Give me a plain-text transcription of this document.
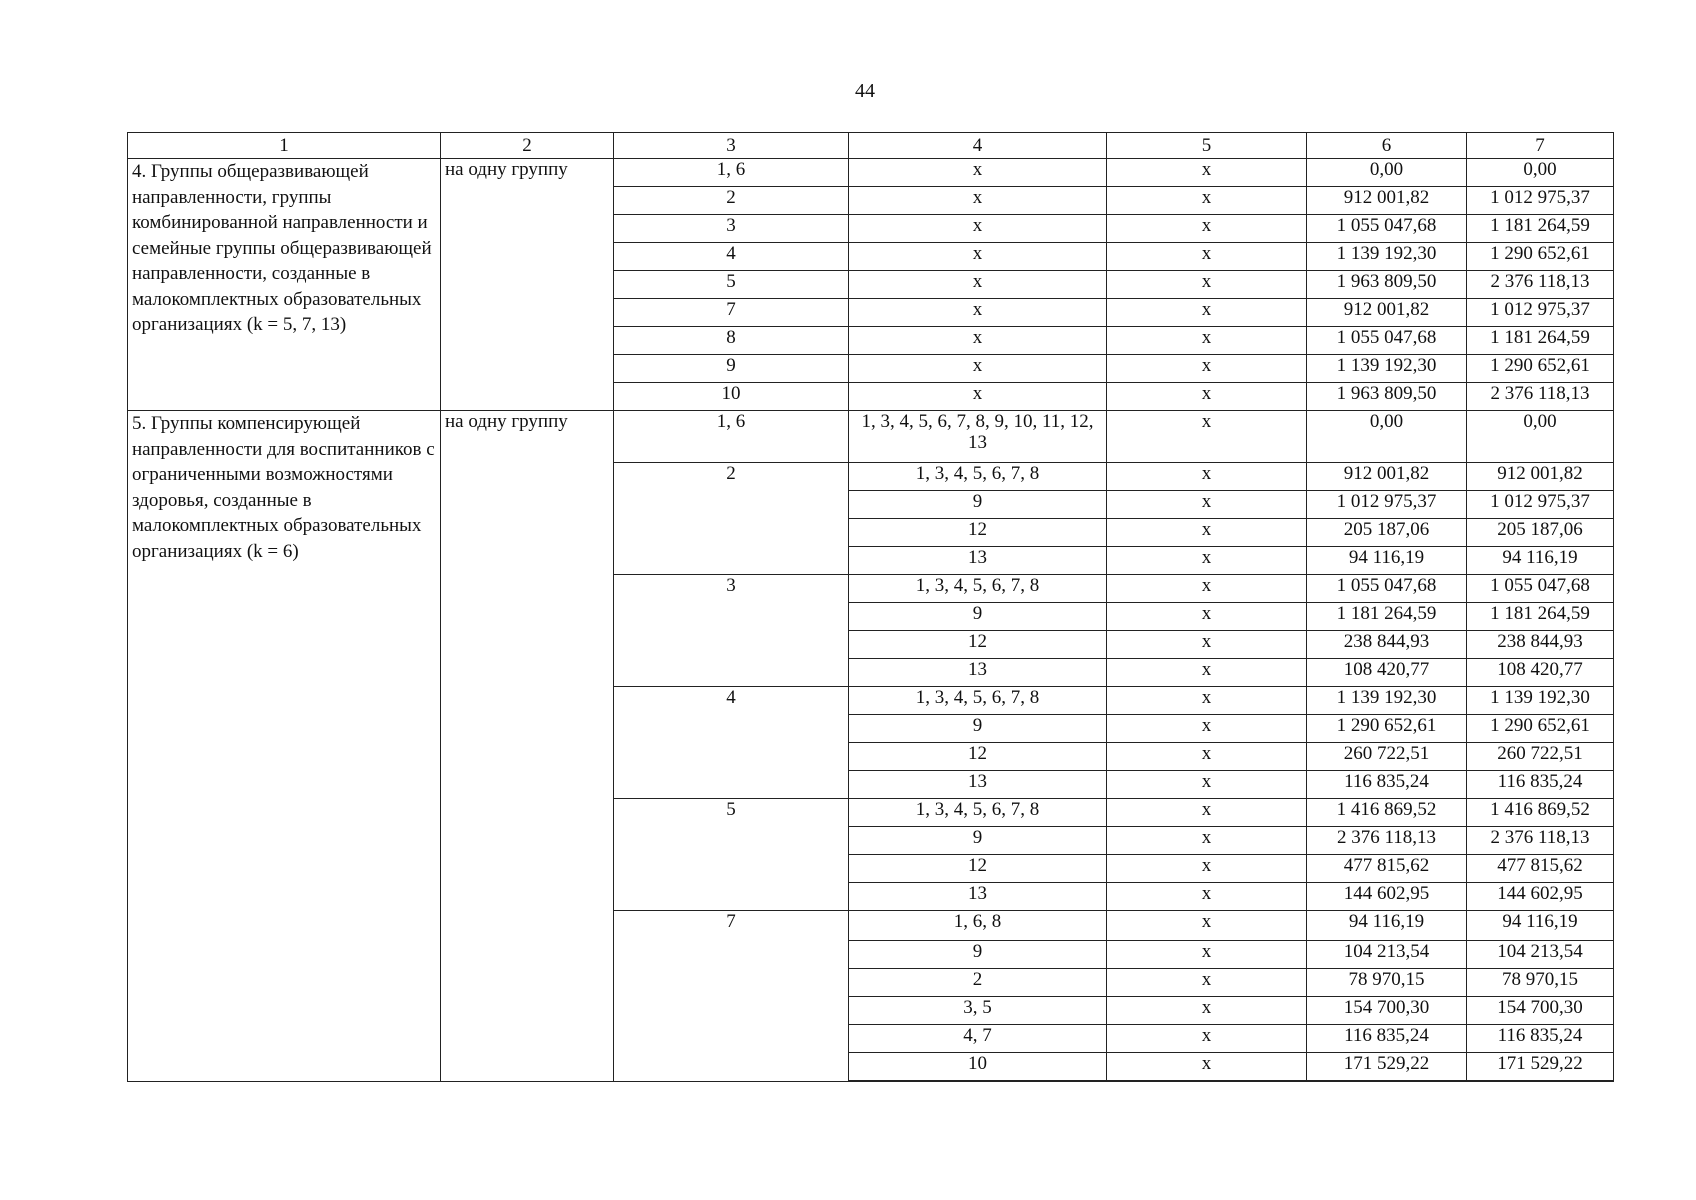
44
1	2	3	4	5	6	7
4. Группы общеразвивающей направленности, группы комбинированной направленности и семейные группы общеразвивающей направленности, созданные в малокомплектных образовательных организациях (k = 5, 7, 13)	на одну группу	1, 6	x	x	0,00	0,00
		2	x	x	912 001,82	1 012 975,37
		3	x	x	1 055 047,68	1 181 264,59
		4	x	x	1 139 192,30	1 290 652,61
		5	x	x	1 963 809,50	2 376 118,13
		7	x	x	912 001,82	1 012 975,37
		8	x	x	1 055 047,68	1 181 264,59
		9	x	x	1 139 192,30	1 290 652,61
		10	x	x	1 963 809,50	2 376 118,13
5. Группы компенсирующей направленности для воспитанников с ограниченными возможностями здоровья, созданные в малокомплектных образовательных организациях (k = 6)	на одну группу	1, 6	1, 3, 4, 5, 6, 7, 8, 9, 10, 11, 12, 13	x	0,00	0,00
		2	1, 3, 4, 5, 6, 7, 8	x	912 001,82	912 001,82
			9	x	1 012 975,37	1 012 975,37
			12	x	205 187,06	205 187,06
			13	x	94 116,19	94 116,19
		3	1, 3, 4, 5, 6, 7, 8	x	1 055 047,68	1 055 047,68
			9	x	1 181 264,59	1 181 264,59
			12	x	238 844,93	238 844,93
			13	x	108 420,77	108 420,77
		4	1, 3, 4, 5, 6, 7, 8	x	1 139 192,30	1 139 192,30
			9	x	1 290 652,61	1 290 652,61
			12	x	260 722,51	260 722,51
			13	x	116 835,24	116 835,24
		5	1, 3, 4, 5, 6, 7, 8	x	1 416 869,52	1 416 869,52
			9	x	2 376 118,13	2 376 118,13
			12	x	477 815,62	477 815,62
			13	x	144 602,95	144 602,95
		7	1, 6, 8	x	94 116,19	94 116,19
			9	x	104 213,54	104 213,54
			2	x	78 970,15	78 970,15
			3, 5	x	154 700,30	154 700,30
			4, 7	x	116 835,24	116 835,24
			10	x	171 529,22	171 529,22
